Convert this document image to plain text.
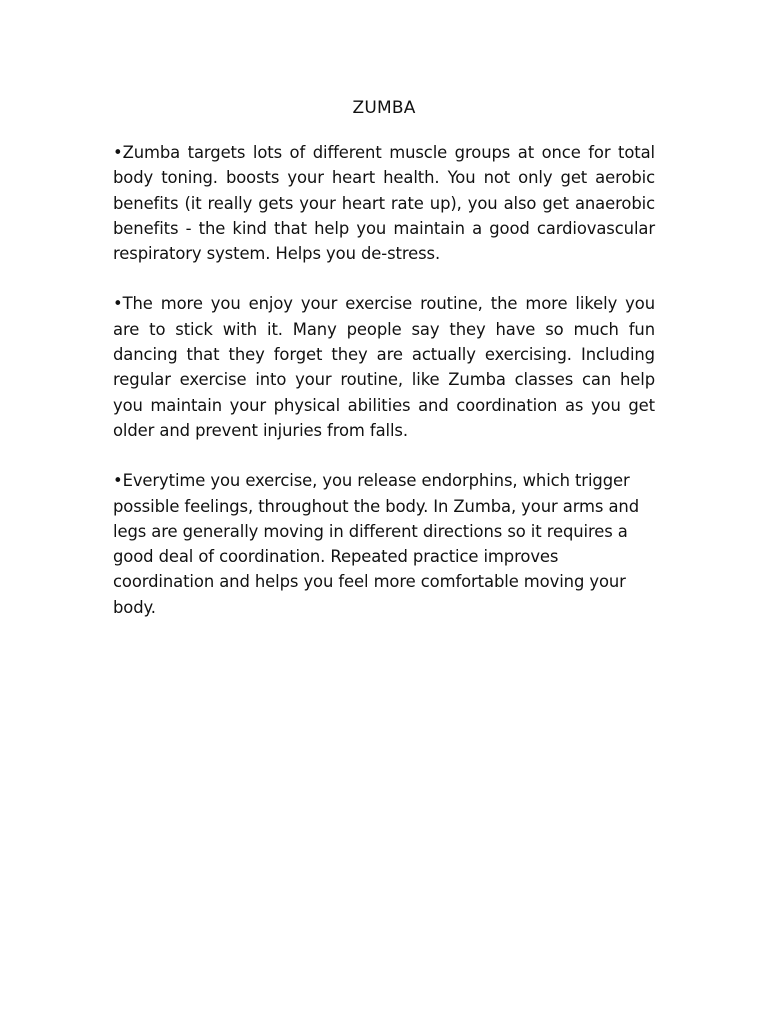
ZUMBA

•Zumba targets lots of different muscle groups at once for total body toning. boosts your heart health. You not only get aerobic benefits (it really gets your heart rate up), you also get anaerobic benefits - the kind that help you maintain a good cardiovascular respiratory system. Helps you de-stress.

•The more you enjoy your exercise routine, the more likely you are to stick with it. Many people say they have so much fun dancing that they forget they are actually exercising. Including regular exercise into your routine, like Zumba classes can help you maintain your physical abilities and coordination as you get older and prevent injuries from falls.

•Everytime you exercise, you release endorphins, which trigger possible feelings, throughout the body. In Zumba, your arms and legs are generally moving in different directions so it requires a good deal of coordination. Repeated practice improves coordination and helps you feel more comfortable moving your body.
